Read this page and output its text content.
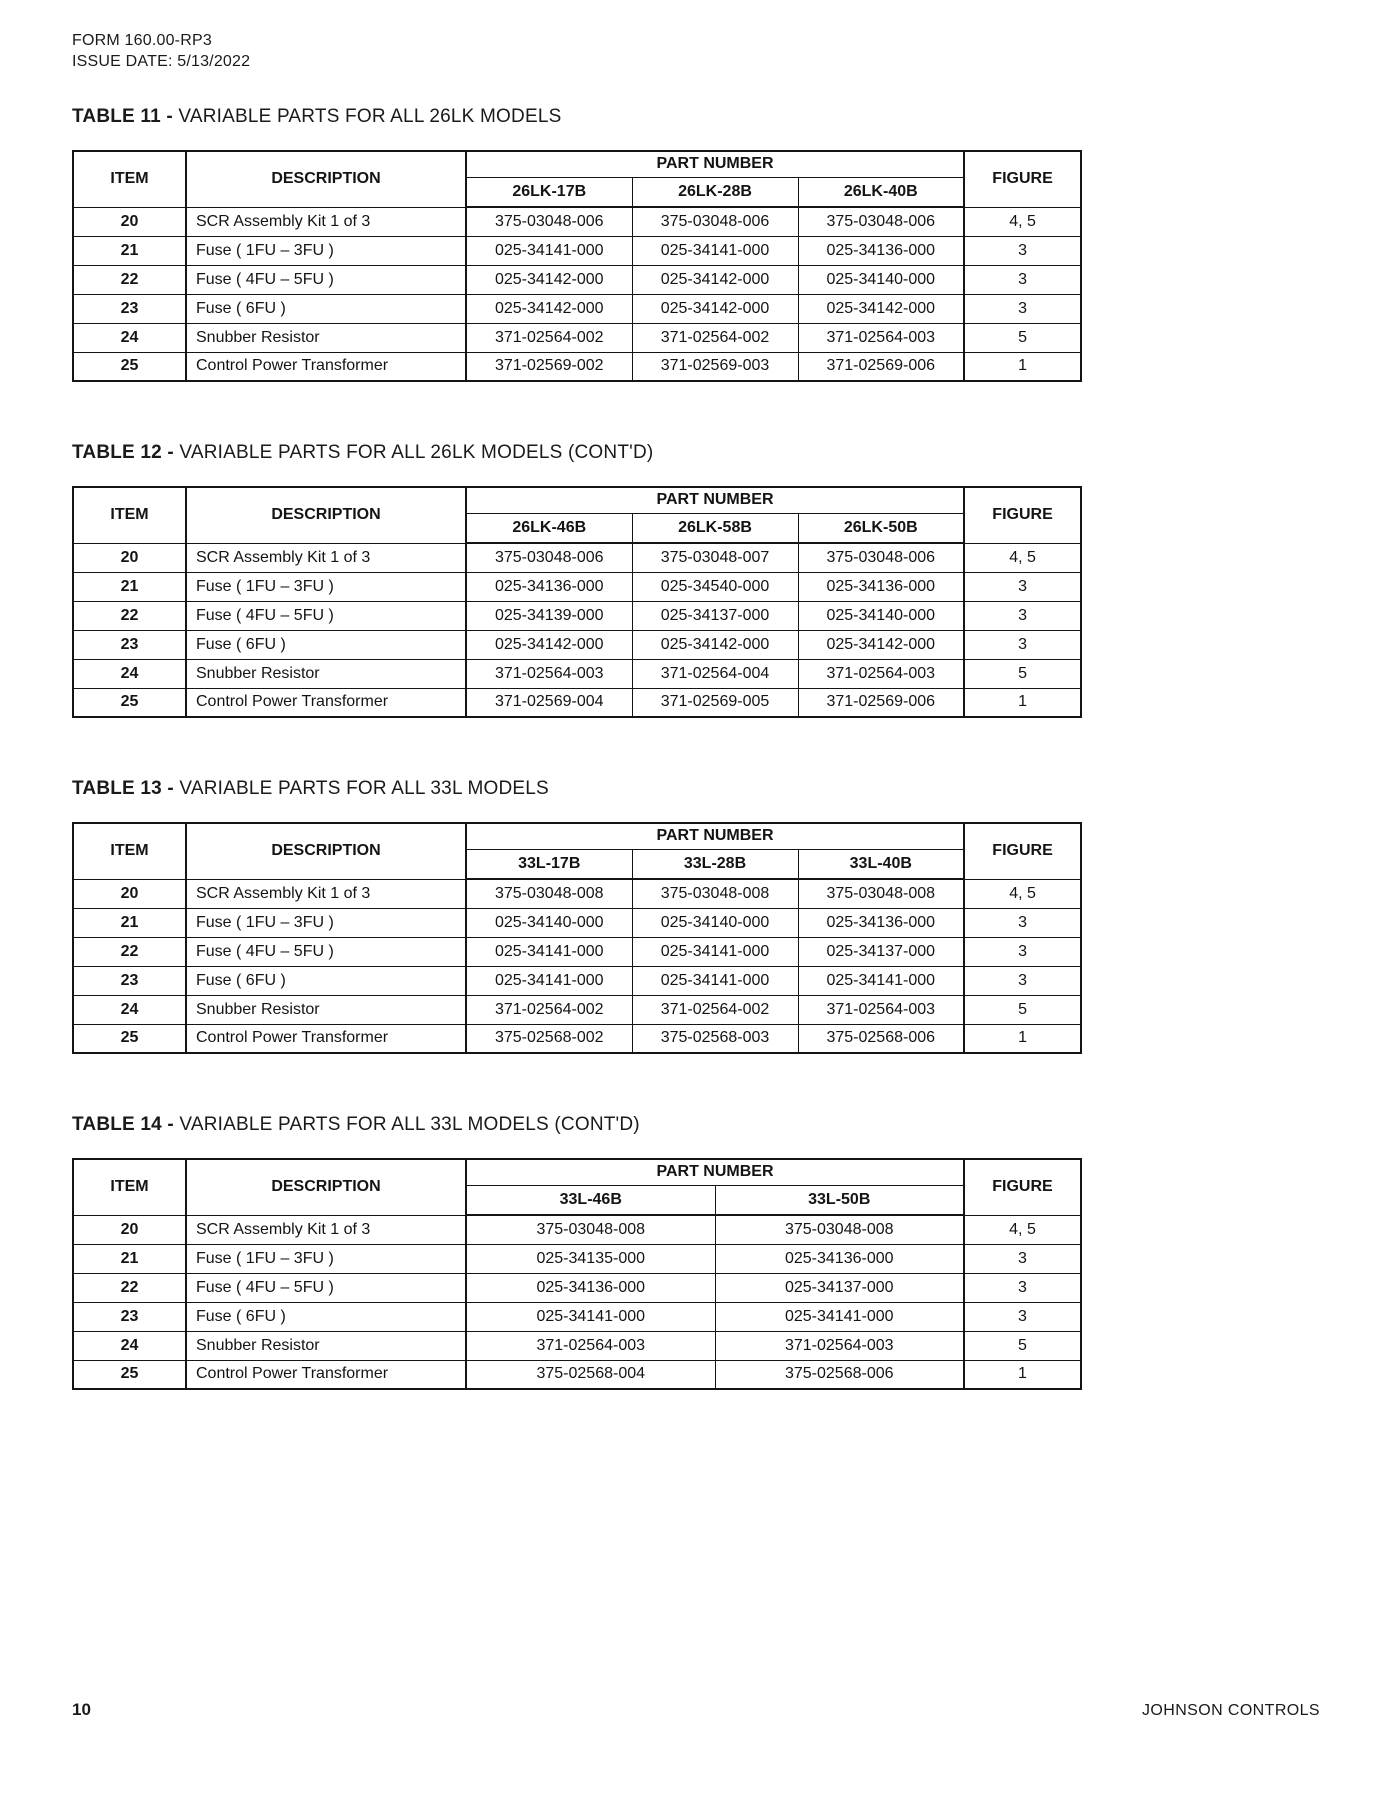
FORM 160.00-RP3
ISSUE DATE: 5/13/2022
TABLE 11 - VARIABLE PARTS FOR ALL 26LK MODELS
ITEM	DESCRIPTION	PART NUMBER			FIGURE
		26LK-17B	26LK-28B	26LK-40B	
20	SCR Assembly Kit 1 of 3	375-03048-006	375-03048-006	375-03048-006	4, 5
21	Fuse ( 1FU – 3FU )	025-34141-000	025-34141-000	025-34136-000	3
22	Fuse ( 4FU – 5FU )	025-34142-000	025-34142-000	025-34140-000	3
23	Fuse ( 6FU )	025-34142-000	025-34142-000	025-34142-000	3
24	Snubber Resistor	371-02564-002	371-02564-002	371-02564-003	5
25	Control Power Transformer	371-02569-002	371-02569-003	371-02569-006	1
TABLE 12 - VARIABLE PARTS FOR ALL 26LK MODELS (CONT'D)
ITEM	DESCRIPTION	PART NUMBER			FIGURE
		26LK-46B	26LK-58B	26LK-50B	
20	SCR Assembly Kit 1 of 3	375-03048-006	375-03048-007	375-03048-006	4, 5
21	Fuse ( 1FU – 3FU )	025-34136-000	025-34540-000	025-34136-000	3
22	Fuse ( 4FU – 5FU )	025-34139-000	025-34137-000	025-34140-000	3
23	Fuse ( 6FU )	025-34142-000	025-34142-000	025-34142-000	3
24	Snubber Resistor	371-02564-003	371-02564-004	371-02564-003	5
25	Control Power Transformer	371-02569-004	371-02569-005	371-02569-006	1
TABLE 13 - VARIABLE PARTS FOR ALL 33L MODELS
ITEM	DESCRIPTION	PART NUMBER			FIGURE
		33L-17B	33L-28B	33L-40B	
20	SCR Assembly Kit 1 of 3	375-03048-008	375-03048-008	375-03048-008	4, 5
21	Fuse ( 1FU – 3FU )	025-34140-000	025-34140-000	025-34136-000	3
22	Fuse ( 4FU – 5FU )	025-34141-000	025-34141-000	025-34137-000	3
23	Fuse ( 6FU )	025-34141-000	025-34141-000	025-34141-000	3
24	Snubber Resistor	371-02564-002	371-02564-002	371-02564-003	5
25	Control Power Transformer	375-02568-002	375-02568-003	375-02568-006	1
TABLE 14 - VARIABLE PARTS FOR ALL 33L MODELS (CONT'D)
ITEM	DESCRIPTION	PART NUMBER		FIGURE
		33L-46B	33L-50B	
20	SCR Assembly Kit 1 of 3	375-03048-008	375-03048-008	4, 5
21	Fuse ( 1FU – 3FU )	025-34135-000	025-34136-000	3
22	Fuse ( 4FU – 5FU )	025-34136-000	025-34137-000	3
23	Fuse ( 6FU )	025-34141-000	025-34141-000	3
24	Snubber Resistor	371-02564-003	371-02564-003	5
25	Control Power Transformer	375-02568-004	375-02568-006	1
10	JOHNSON CONTROLS
